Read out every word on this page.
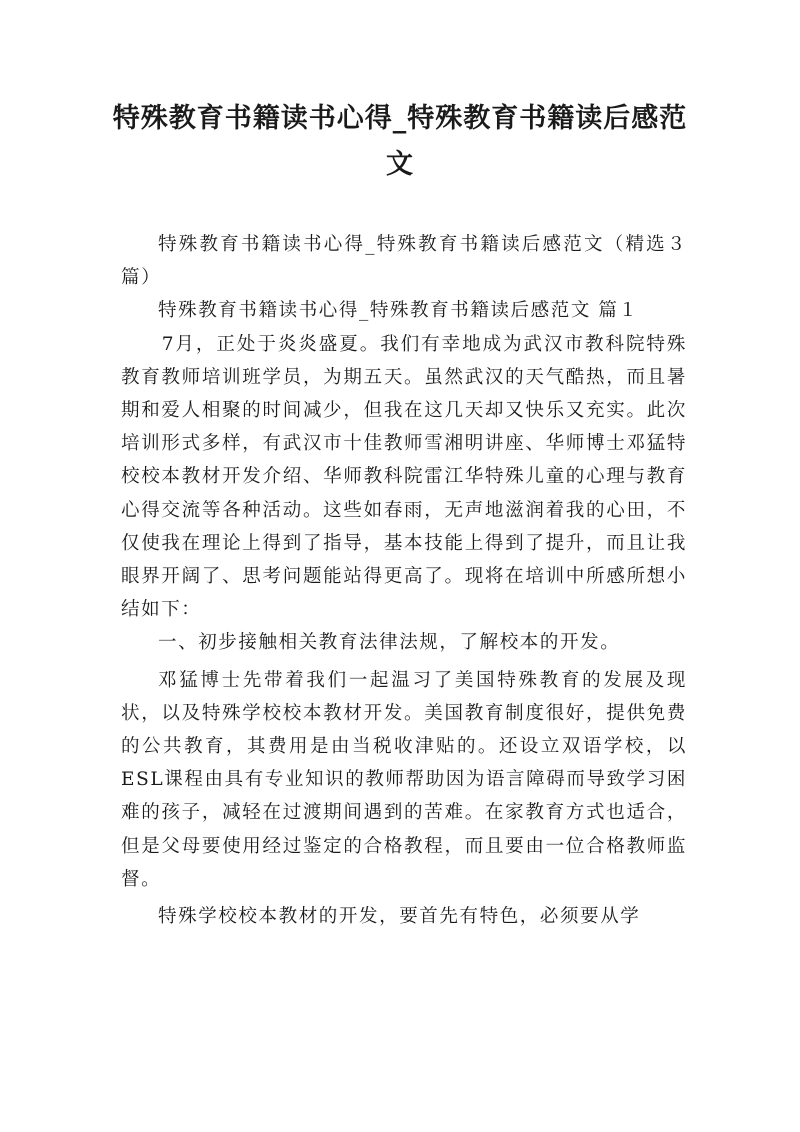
特殊教育书籍读书心得_特殊教育书籍读后感范文

特殊教育书籍读书心得_特殊教育书籍读后感范文（精选３篇）

特殊教育书籍读书心得_特殊教育书籍读后感范文 篇１

7月，正处于炎炎盛夏。我们有幸地成为武汉市教科院特殊教育教师培训班学员，为期五天。虽然武汉的天气酷热，而且暑期和爱人相聚的时间减少，但我在这几天却又快乐又充实。此次培训形式多样，有武汉市十佳教师雪湘明讲座、华师博士邓猛特校校本教材开发介绍、华师教科院雷江华特殊儿童的心理与教育心得交流等各种活动。这些如春雨，无声地滋润着我的心田，不仅使我在理论上得到了指导，基本技能上得到了提升，而且让我眼界开阔了、思考问题能站得更高了。现将在培训中所感所想小结如下：

一、初步接触相关教育法律法规，了解校本的开发。

邓猛博士先带着我们一起温习了美国特殊教育的发展及现状，以及特殊学校校本教材开发。美国教育制度很好，提供免费的公共教育，其费用是由当税收津贴的。还设立双语学校，以ESL课程由具有专业知识的教师帮助因为语言障碍而导致学习困难的孩子，减轻在过渡期间遇到的苦难。在家教育方式也适合，但是父母要使用经过鉴定的合格教程，而且要由一位合格教师监督。

特殊学校校本教材的开发，要首先有特色，必须要从学
